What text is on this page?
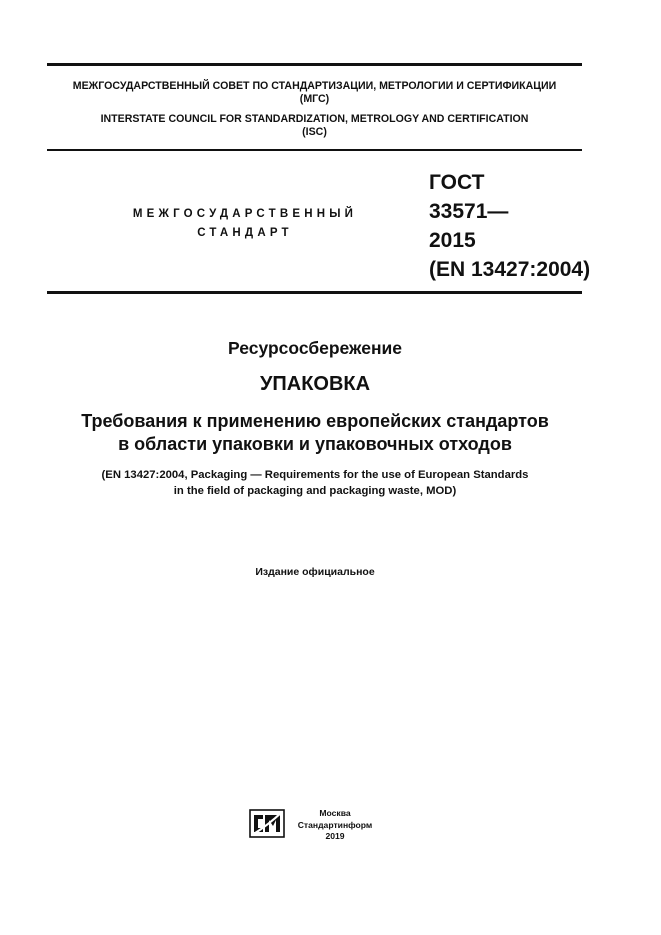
МЕЖГОСУДАРСТВЕННЫЙ СОВЕТ ПО СТАНДАРТИЗАЦИИ, МЕТРОЛОГИИ И СЕРТИФИКАЦИИ
(МГС)
INTERSTATE COUNCIL FOR STANDARDIZATION, METROLOGY AND CERTIFICATION
(ISC)
МЕЖГОСУДАРСТВЕННЫЙ
СТАНДАРТ
ГОСТ
33571—
2015
(EN 13427:2004)
Ресурсосбережение
УПАКОВКА
Требования к применению европейских стандартов
в области упаковки и упаковочных отходов
(EN 13427:2004, Packaging — Requirements for the use of European Standards
in the field of packaging and packaging waste, MOD)
Издание официальное
Москва
Стандартинформ
2019
